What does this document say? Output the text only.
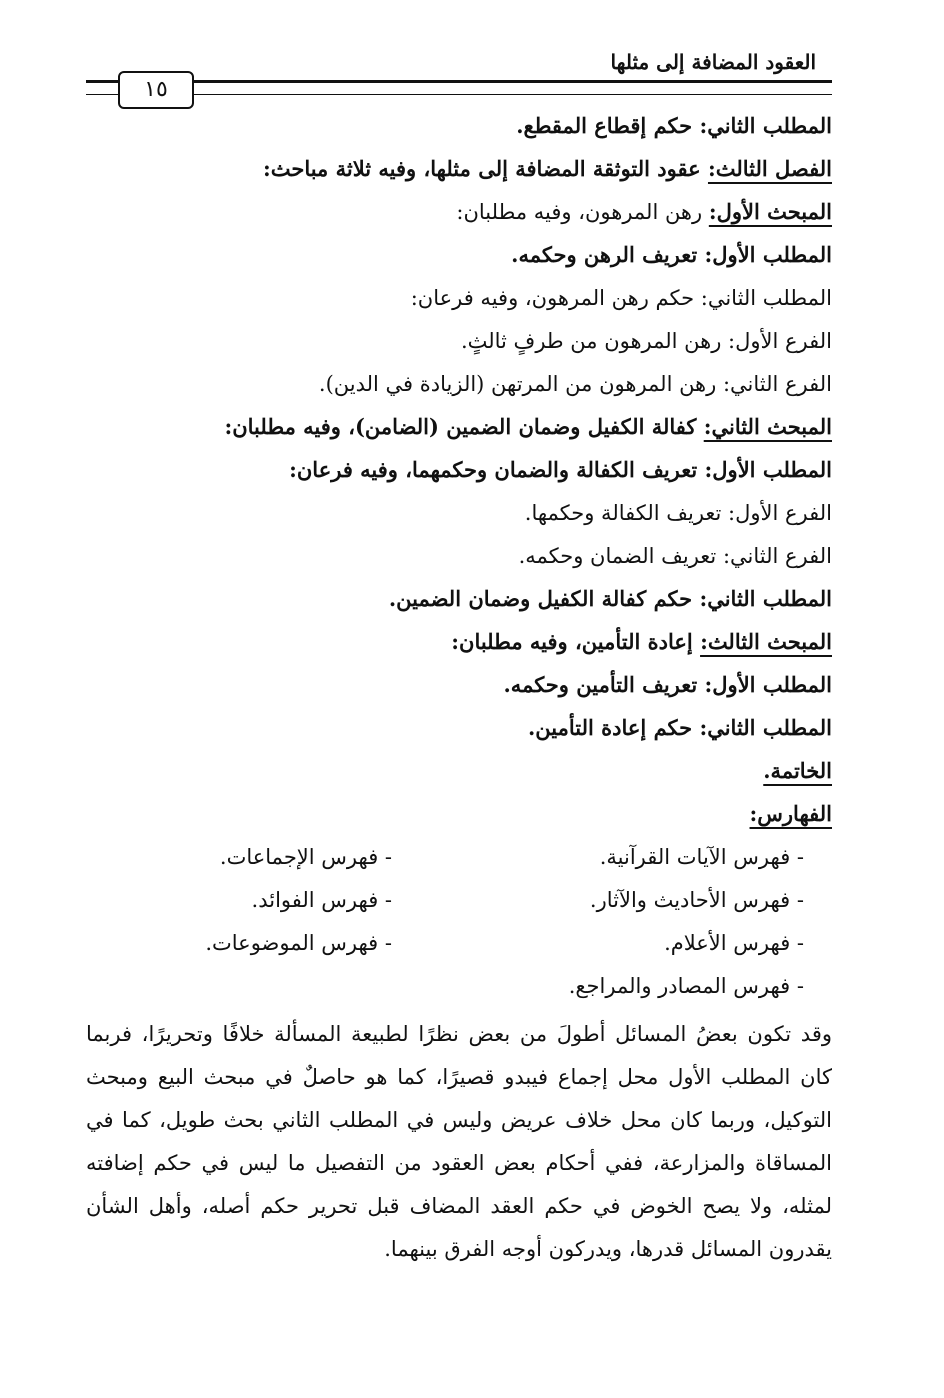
العقود المضافة إلى مثلها
١٥
المطلب الثاني: حكم إقطاع المقطع.
الفصل الثالث: عقود التوثقة المضافة إلى مثلها، وفيه ثلاثة مباحث:
المبحث الأول: رهن المرهون، وفيه مطلبان:
المطلب الأول: تعريف الرهن وحكمه.
المطلب الثاني: حكم رهن المرهون، وفيه فرعان:
الفرع الأول: رهن المرهون من طرفٍ ثالثٍ.
الفرع الثاني: رهن المرهون من المرتهن (الزيادة في الدين).
المبحث الثاني: كفالة الكفيل وضمان الضمين (الضامن)، وفيه مطلبان:
المطلب الأول: تعريف الكفالة والضمان وحكمهما، وفيه فرعان:
الفرع الأول: تعريف الكفالة وحكمها.
الفرع الثاني: تعريف الضمان وحكمه.
المطلب الثاني: حكم كفالة الكفيل وضمان الضمين.
المبحث الثالث: إعادة التأمين، وفيه مطلبان:
المطلب الأول: تعريف التأمين وحكمه.
المطلب الثاني: حكم إعادة التأمين.
الخاتمة.
الفهارس:
- فهرس الآيات القرآنية.
- فهرس الأحاديث والآثار.
- فهرس الأعلام.
- فهرس المصادر والمراجع.
- فهرس الإجماعات.
- فهرس الفوائد.
- فهرس الموضوعات.
وقد تكون بعضُ المسائل أطولَ من بعض نظرًا لطبيعة المسألة خلافًا وتحريرًا، فربما كان المطلب الأول محل إجماع فيبدو قصيرًا، كما هو حاصلٌ في مبحث البيع ومبحث التوكيل، وربما كان محل خلاف عريض وليس في المطلب الثاني بحث طويل، كما في المساقاة والمزارعة، ففي أحكام بعض العقود من التفصيل ما ليس في حكم إضافته لمثله، ولا يصح الخوض في حكم العقد المضاف قبل تحرير حكم أصله، وأهل الشأن يقدرون المسائل قدرها، ويدركون أوجه الفرق بينهما.
